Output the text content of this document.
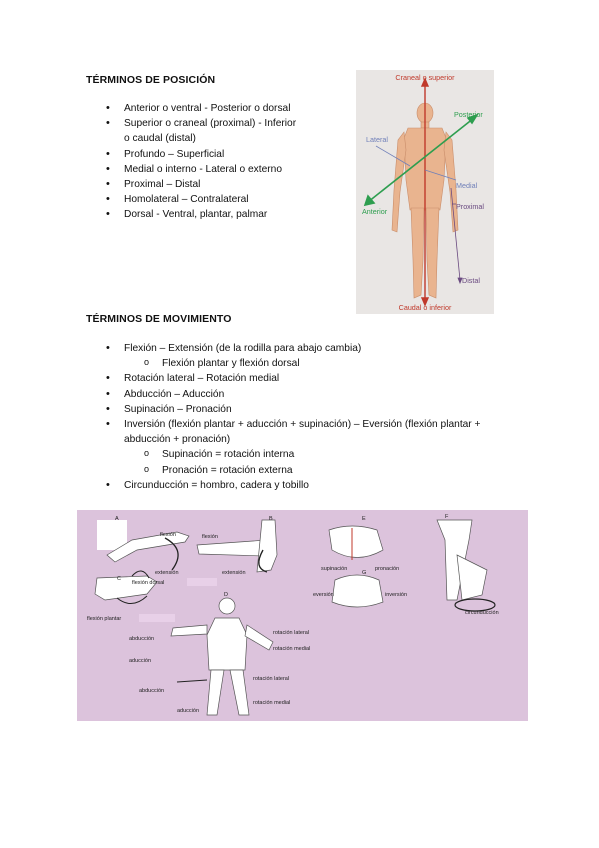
TÉRMINOS DE POSICIÓN
• Anterior o ventral - Posterior o dorsal
• Superior o craneal (proximal) - Inferior
o caudal (distal)
• Profundo – Superficial
• Medial o interno - Lateral o externo
• Proximal – Distal
• Homolateral – Contralateral
• Dorsal - Ventral, plantar, palmar
Craneal o superior
Posterior
Lateral
Medial
Anterior
Proximal
Distal
Caudal o inferior
TÉRMINOS DE MOVIMIENTO
• Flexión – Extensión (de la rodilla para abajo cambia)
o Flexión plantar y flexión dorsal
• Rotación lateral – Rotación medial
• Abducción – Aducción
• Supinación – Pronación
• Inversión (flexión plantar + aducción + supinación) – Eversión (flexión plantar +
abducción + pronación)
o Supinación = rotación interna
o Pronación = rotación externa
• Circunducción = hombro, cadera y tobillo
A	B
C
D
E	F
G
flexión
extensión
flexión
extensión
flexión dorsal
flexión plantar
supinación	pronación
eversión	inversión
circunducción
abducción
aducción
rotación lateral
rotación medial
rotación lateral
abducción
aducción
rotación medial
